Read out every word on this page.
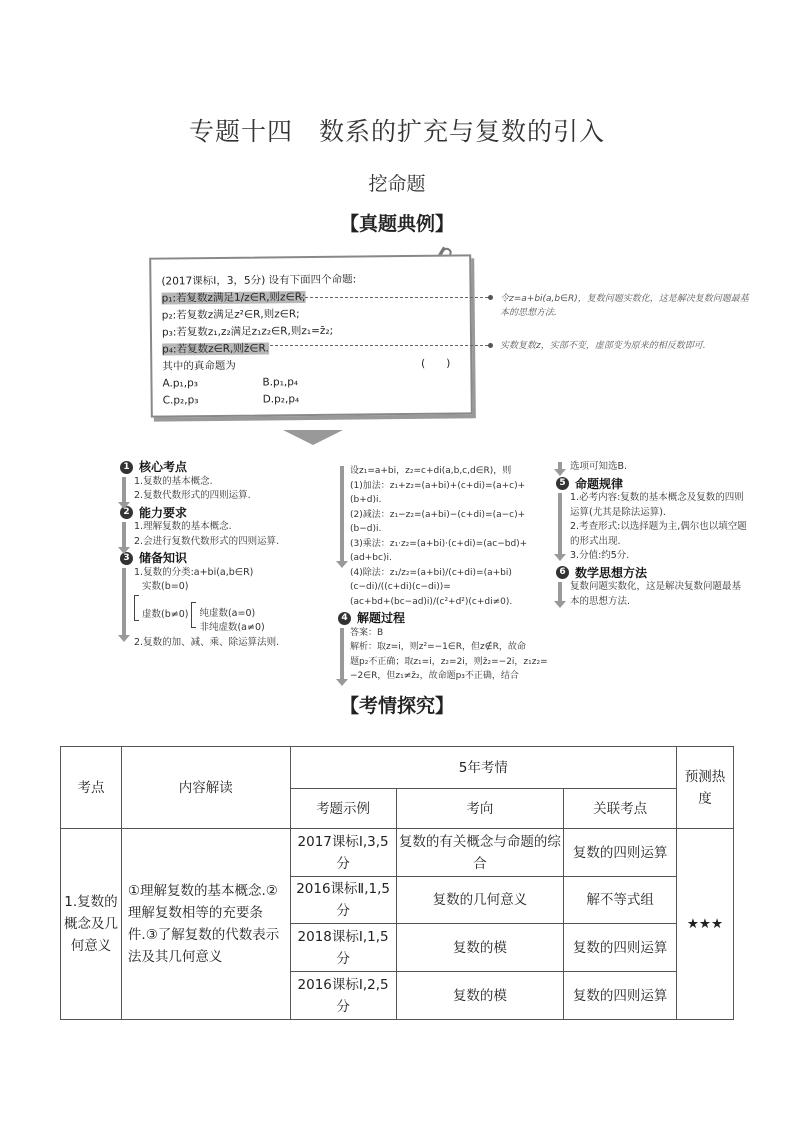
专题十四　数系的扩充与复数的引入
挖命题
【真题典例】
(2017课标Ⅰ，3，5分) 设有下面四个命题:
p₁:若复数z满足1/z∈R,则z∈R;
p₂:若复数z满足z²∈R,则z∈R;
p₃:若复数z₁,z₂满足z₁z₂∈R,则z₁=z̄₂;
p₄:若复数z∈R,则z̄∈R.
其中的真命题为	(　　)
A.p₁,p₃	B.p₁,p₄
C.p₂,p₃	D.p₂,p₄
令z=a+bi(a,b∈R)，复数问题实数化，这是解决复数问题最基本的思想方法.
实数复数z，实部不变，虚部变为原来的相反数即可.
1 核心考点
1.复数的基本概念.
2.复数代数形式的四则运算.
2 能力要求
1.理解复数的基本概念.
2.会进行复数代数形式的四则运算.
3 储备知识
1.复数的分类:a+bi(a,b∈R)
实数(b=0)
虚数(b≠0) 纯虚数(a=0)
非纯虚数(a≠0)
2.复数的加、减、乘、除运算法则.
设z₁=a+bi，z₂=c+di(a,b,c,d∈R)，则
(1)加法：z₁+z₂=(a+bi)+(c+di)=(a+c)+(b+d)i.
(2)减法：z₁−z₂=(a+bi)−(c+di)=(a−c)+(b−d)i.
(3)乘法：z₁·z₂=(a+bi)·(c+di)=(ac−bd)+(ad+bc)i.
(4)除法：z₁/z₂=(a+bi)/(c+di)=(a+bi)(c−di)/((c+di)(c−di))=
(ac+bd+(bc−ad)i)/(c²+d²)(c+di≠0).
4 解题过程
答案：B
解析：取z=i，则z²=−1∈R，但z∉R，故命
题p₂不正确；取z₁=i，z₂=2i，则z̄₂=−2i，z₁z₂=
−2∈R，但z₁≠z̄₂，故命题p₃不正确，结合
选项可知选B.
5 命题规律
1.必考内容:复数的基本概念及复数的四则
运算(尤其是除法运算).
2.考查形式:以选择题为主,偶尔也以填空题
的形式出现.
3.分值:约5分.
6 数学思想方法
复数问题实数化，这是解决复数问题最基
本的思想方法.
【考情探究】
考点	内容解读	5年考情			预测热度
		考题示例	考向	关联考点	
1.复数的概念及几何意义	①理解复数的基本概念.②理解复数相等的充要条件.③了解复数的代数表示法及其几何意义	2017课标Ⅰ,3,5分	复数的有关概念与命题的综合	复数的四则运算	★★★
		2016课标Ⅱ,1,5分	复数的几何意义	解不等式组	
		2018课标Ⅰ,1,5分	复数的模	复数的四则运算	
		2016课标Ⅰ,2,5分	复数的模	复数的四则运算	
